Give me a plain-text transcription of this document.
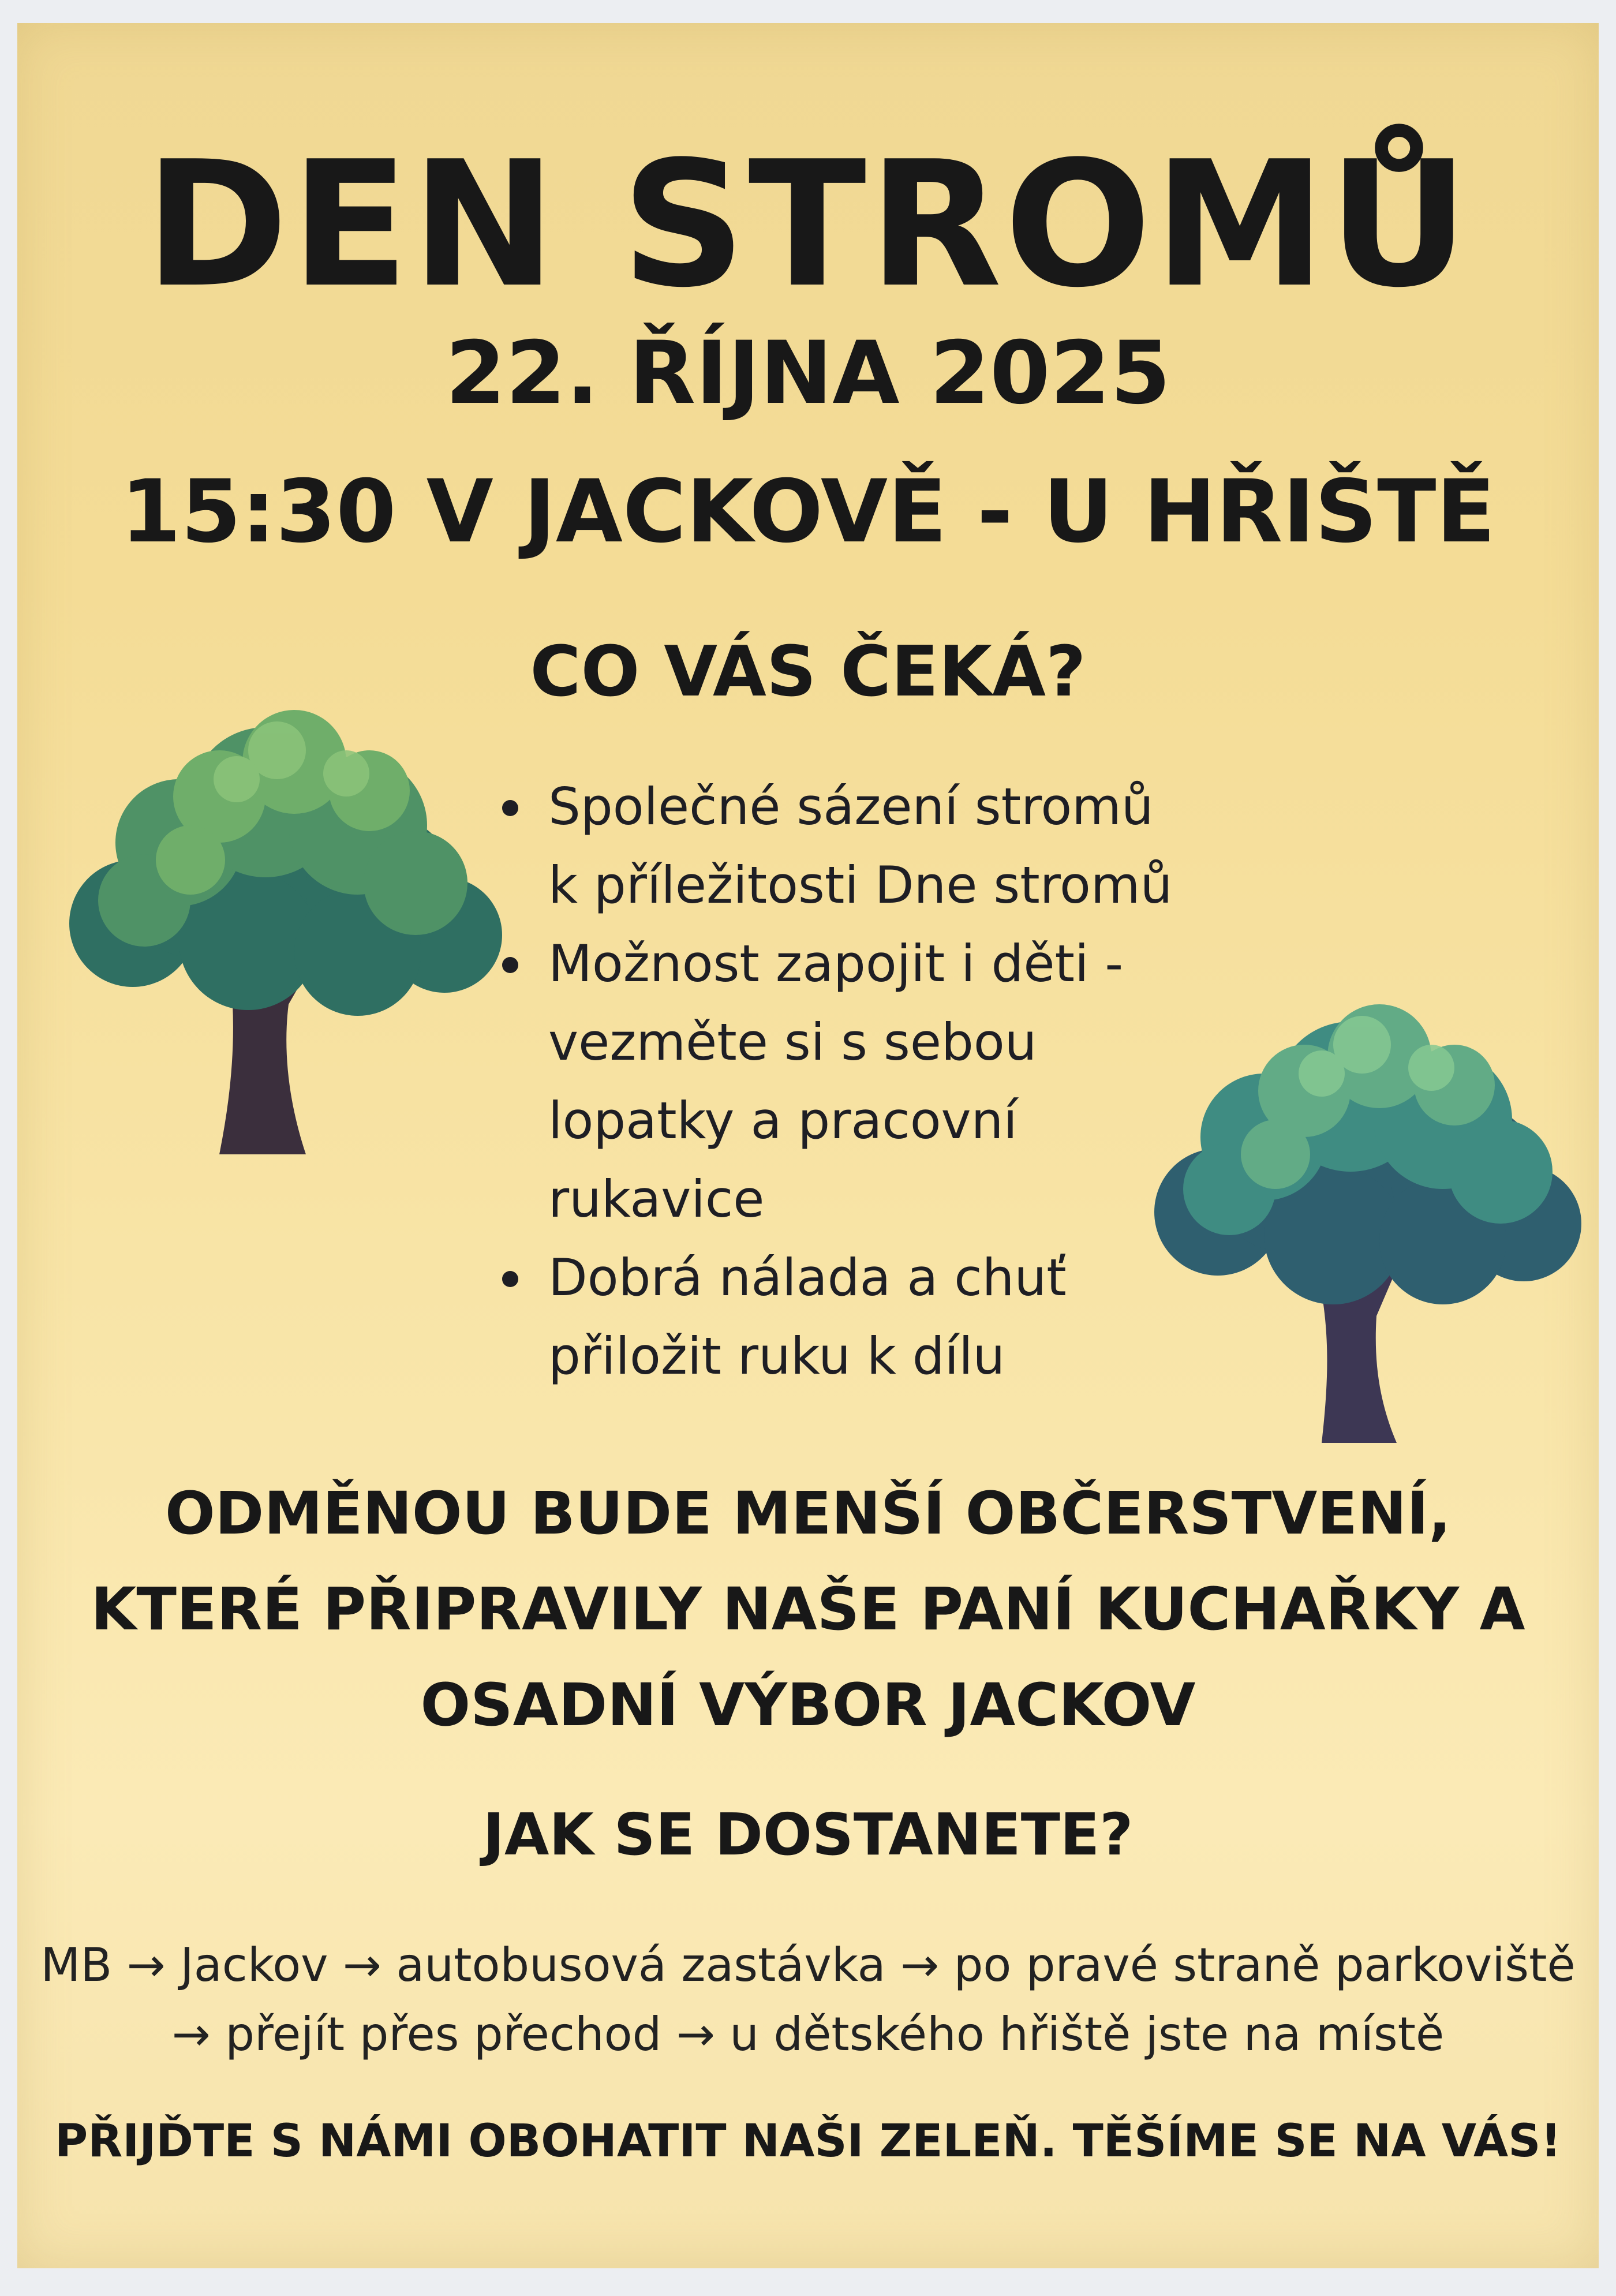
DEN STROMŮ
22. ŘÍJNA 2025
15:30 V JACKOVĚ - U HŘIŠTĚ
CO VÁS ČEKÁ?
Společné sázení stromů
k příležitosti Dne stromů
Možnost zapojit i děti -
vezměte si s sebou
lopatky a pracovní
rukavice
Dobrá nálada a chuť
přiložit ruku k dílu
ODMĚNOU BUDE MENŠÍ OBČERSTVENÍ,
KTERÉ PŘIPRAVILY NAŠE PANÍ KUCHAŘKY A
OSADNÍ VÝBOR JACKOV
JAK SE DOSTANETE?
MB → Jackov → autobusová zastávka → po pravé straně parkoviště
→ přejít přes přechod → u dětského hřiště jste na místě
PŘIJĎTE S NÁMI OBOHATIT NAŠI ZELEŇ. TĚŠÍME SE NA VÁS!
